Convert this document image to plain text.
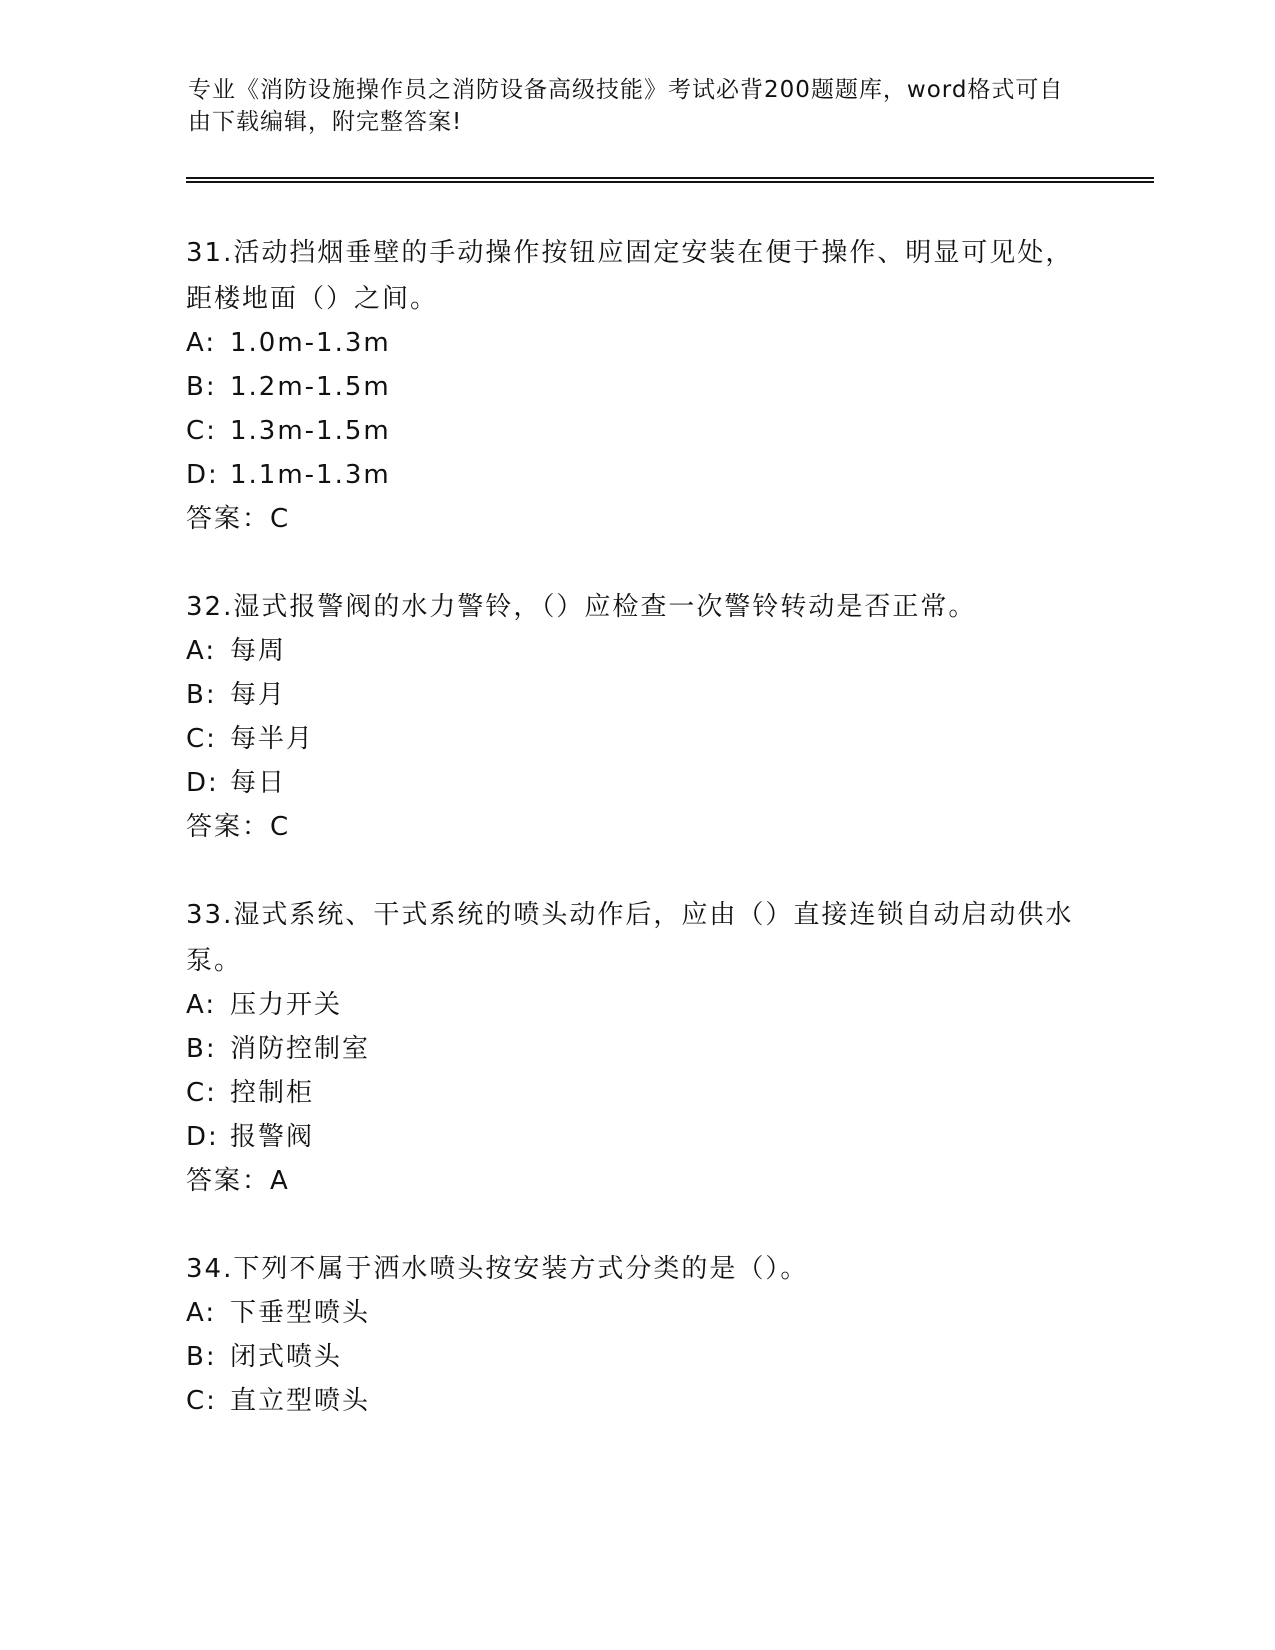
专业《消防设施操作员之消防设备高级技能》考试必背200题题库，word格式可自由下载编辑，附完整答案!
31.活动挡烟垂壁的手动操作按钮应固定安装在便于操作、明显可见处，距楼地面（）之间。
A: 1.0m-1.3m
B: 1.2m-1.5m
C: 1.3m-1.5m
D: 1.1m-1.3m
答案：C
32.湿式报警阀的水力警铃，（）应检查一次警铃转动是否正常。
A: 每周
B: 每月
C: 每半月
D: 每日
答案：C
33.湿式系统、干式系统的喷头动作后，应由（）直接连锁自动启动供水泵。
A: 压力开关
B: 消防控制室
C: 控制柜
D: 报警阀
答案：A
34.下列不属于洒水喷头按安装方式分类的是（）。
A: 下垂型喷头
B: 闭式喷头
C: 直立型喷头
